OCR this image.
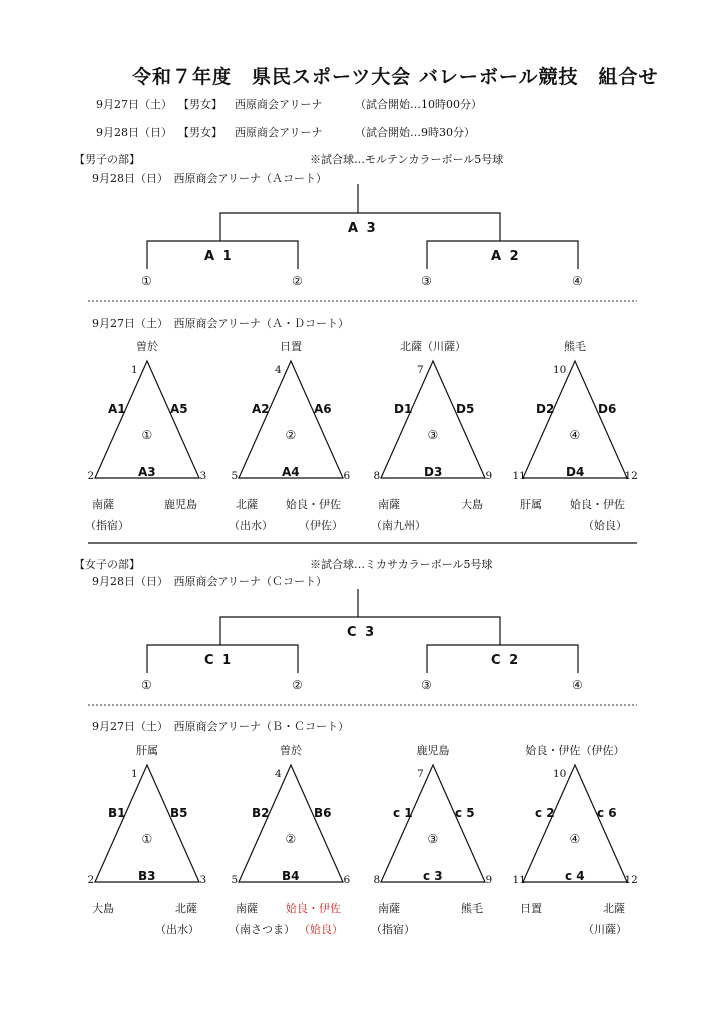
令和７年度　県民スポーツ大会 バレーボール競技　組合せ
9月27日（土） 【男女】 西原商会アリーナ	（試合開始…10時00分）
9月28日（日） 【男女】 西原商会アリーナ	（試合開始…9時30分）
【男子の部】	※試合球…モルテンカラーボール5号球
9月28日（日）　西原商会アリーナ（Ａコート）
【女子の部】	※試合球…ミカサカラーボール5号球
9月28日（日）　西原商会アリーナ（Ｃコート）
A 3
A 1	A 2
①	②	③	④
9月27日（土）　西原商会アリーナ（Ａ・Ｄコート）
C 3
C 1	C 2
①	②	③	④
9月27日（土）　西原商会アリーナ（Ｂ・Ｃコート）
曽於
1
A1	A5
①
A3
2	3
南薩
（指宿）
鹿児島
日置
4
A2	A6
②
A4
5	6
北薩
（出水）
姶良・伊佐
（伊佐）
北薩（川薩）
7
D1	D5
③
D3
8	9
南薩
（南九州）
大島
熊毛
10
D2	D6
④
D4
11	12
肝属	姶良・伊佐
（姶良）
肝属
1
B1	B5
①
B3
2	3
大島	北薩
（出水）
曽於
4
B2	B6
②
B4
5	6
南薩
（南さつま）
姶良・伊佐
（姶良）
鹿児島
7
c 1	c 5
③
c 3
8	9
南薩
（指宿）
熊毛
姶良・伊佐（伊佐）
10
c 2	c 6
④
c 4
11	12
日置	北薩
（川薩）
